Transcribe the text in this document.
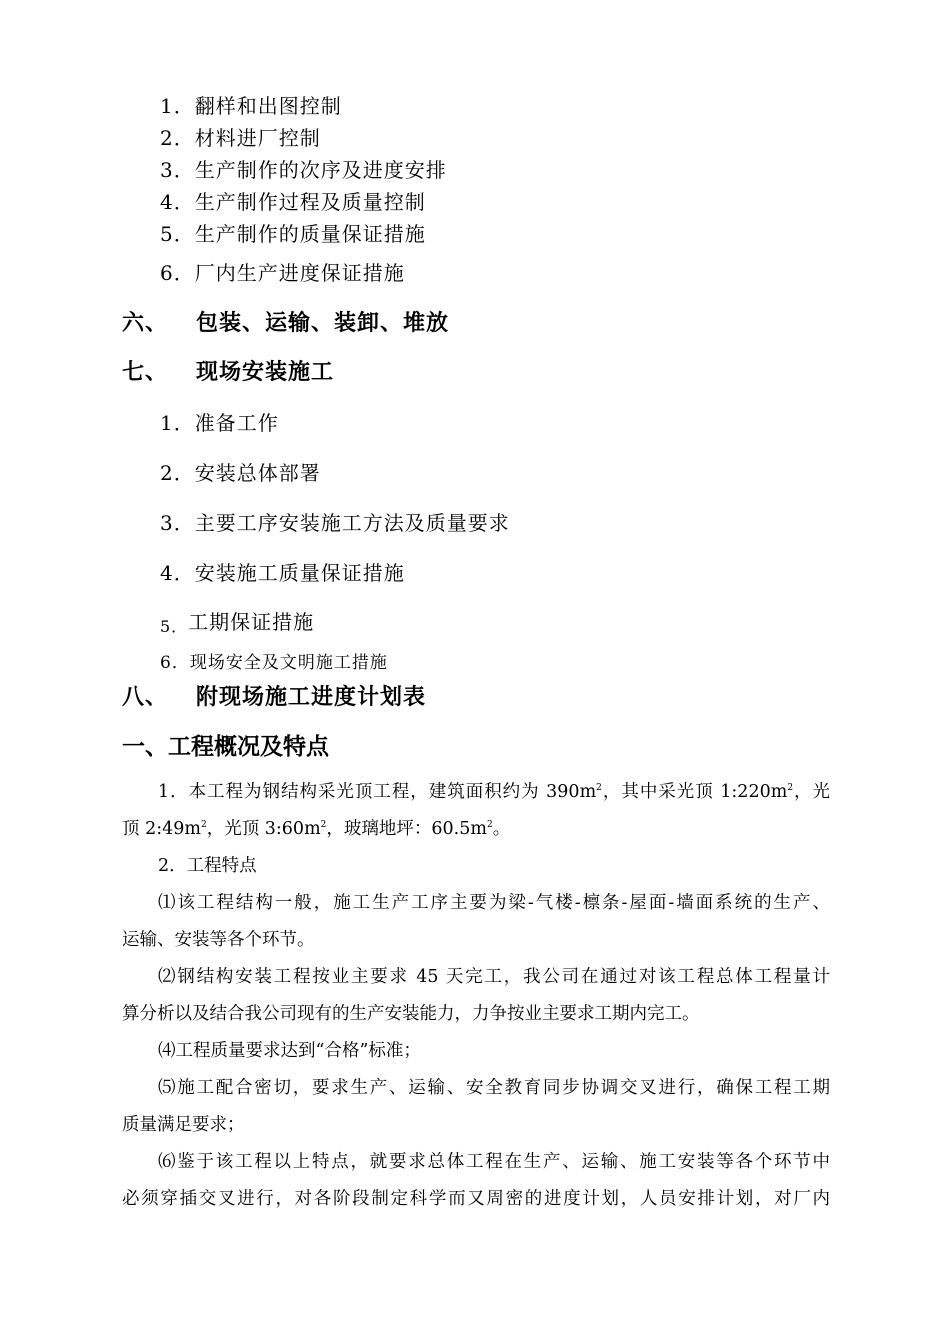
1．翻样和出图控制
2．材料进厂控制
3．生产制作的次序及进度安排
4．生产制作过程及质量控制
5．生产制作的质量保证措施
6．厂内生产进度保证措施
六、 包装、运输、装卸、堆放
七、 现场安装施工
1．准备工作
2．安装总体部署
3．主要工序安装施工方法及质量要求
4．安装施工质量保证措施
5．工期保证措施
6．现场安全及文明施工措施
八、 附现场施工进度计划表
一、工程概况及特点
1．本工程为钢结构采光顶工程，建筑面积约为 $390m^2$，其中采光顶 $1:220m^2$，光
顶 $2:49m^2$，光顶 $3:60m^2$，玻璃地坪：$60.5m^2$。
2．工程特点
⑴该工程结构一般，施工生产工序主要为梁-气楼-檩条-屋面-墙面系统的生产、
运输、安装等各个环节。
⑵钢结构安装工程按业主要求 45 天完工，我公司在通过对该工程总体工程量计
算分析以及结合我公司现有的生产安装能力，力争按业主要求工期内完工。
⑷工程质量要求达到“合格”标准；
⑸施工配合密切，要求生产、运输、安全教育同步协调交叉进行，确保工程工期
质量满足要求；
⑹鉴于该工程以上特点，就要求总体工程在生产、运输、施工安装等各个环节中
必须穿插交叉进行，对各阶段制定科学而又周密的进度计划，人员安排计划，对厂内
